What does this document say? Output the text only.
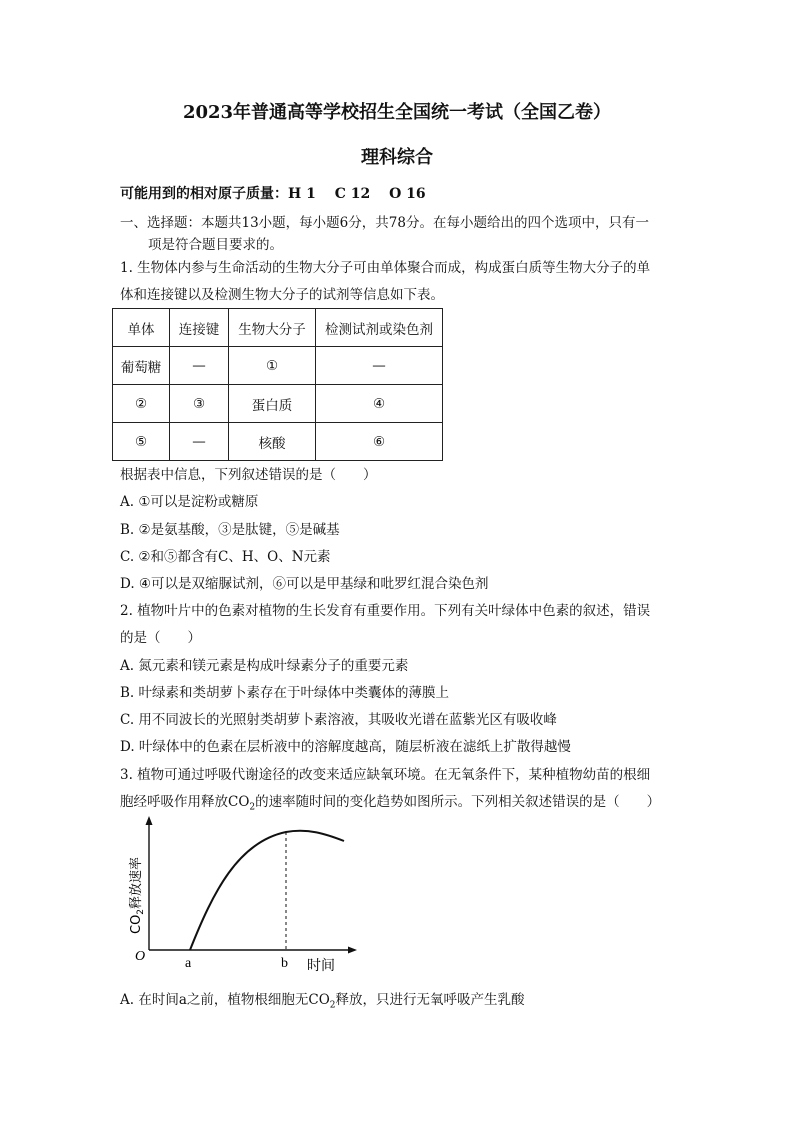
2023年普通高等学校招生全国统一考试（全国乙卷）
理科综合
可能用到的相对原子质量：H 1　 C 12　 O 16
一、选择题：本题共13小题，每小题6分，共78分。在每小题给出的四个选项中，只有一
项是符合题目要求的。
1. 生物体内参与生命活动的生物大分子可由单体聚合而成，构成蛋白质等生物大分子的单
体和连接键以及检测生物大分子的试剂等信息如下表。
单体	连接键	生物大分子	检测试剂或染色剂
葡萄糖	—	①	—
②	③	蛋白质	④
⑤	—	核酸	⑥
根据表中信息，下列叙述错误的是（　　）
A. ①可以是淀粉或糖原
B. ②是氨基酸，③是肽键，⑤是碱基
C. ②和⑤都含有C、H、O、N元素
D. ④可以是双缩脲试剂，⑥可以是甲基绿和吡罗红混合染色剂
2. 植物叶片中的色素对植物的生长发育有重要作用。下列有关叶绿体中色素的叙述，错误
的是（　　）
A. 氮元素和镁元素是构成叶绿素分子的重要元素
B. 叶绿素和类胡萝卜素存在于叶绿体中类囊体的薄膜上
C. 用不同波长的光照射类胡萝卜素溶液，其吸收光谱在蓝紫光区有吸收峰
D. 叶绿体中的色素在层析液中的溶解度越高，随层析液在滤纸上扩散得越慢
3. 植物可通过呼吸代谢途径的改变来适应缺氧环境。在无氧条件下，某种植物幼苗的根细
胞经呼吸作用释放$CO_2$的速率随时间的变化趋势如图所示。下列相关叙述错误的是（　　）
O	a	b 时间
$CO_2$释放速率
A. 在时间a之前，植物根细胞无$CO_2$释放，只进行无氧呼吸产生乳酸
